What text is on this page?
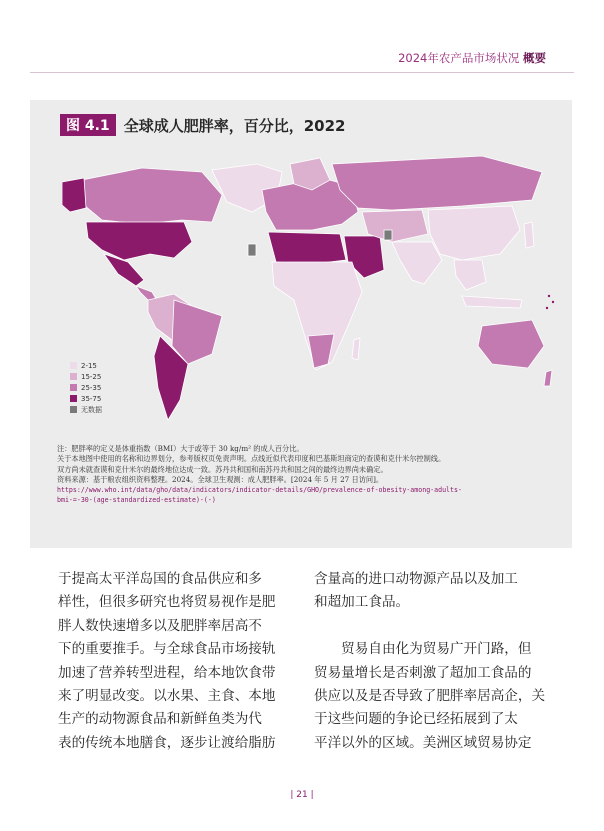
2024年农产品市场状况 概要
图 4.1 全球成人肥胖率，百分比，2022
2-15
15-25
25-35
35-75
无数据

注：肥胖率的定义是体重指数（BMI）大于或等于 30 kg/m² 的成人百分比。

关于本地图中使用的名称和边界划分，参考版权页免责声明。点线近似代表印度和巴基斯坦商定的查谟和克什米尔控制线。

双方尚未就查谟和克什米尔的最终地位达成一致。苏丹共和国和南苏丹共和国之间的最终边界尚未确定。

资料来源：基于粮农组织资料整理。2024。全球卫生观测：成人肥胖率。[2024 年 5 月 27 日访问]。

https://www.who.int/data/gho/data/indicators/indicator-details/GHO/prevalence-of-obesity-among-adults-

bmi-=-30-(age-standardized-estimate)-(-)

于提高太平洋岛国的食品供应和多

样性，但很多研究也将贸易视作是肥

胖人数快速增多以及肥胖率居高不

下的重要推手。与全球食品市场接轨

加速了营养转型进程，给本地饮食带

来了明显改变。以水果、主食、本地

生产的动物源食品和新鲜鱼类为代

表的传统本地膳食，逐步让渡给脂肪

含量高的进口动物源产品以及加工

和超加工食品。

　　贸易自由化为贸易广开门路，但

贸易量增长是否刺激了超加工食品的

供应以及是否导致了肥胖率居高企，关

于这些问题的争论已经拓展到了太

平洋以外的区域。美洲区域贸易协定

| 21 |
